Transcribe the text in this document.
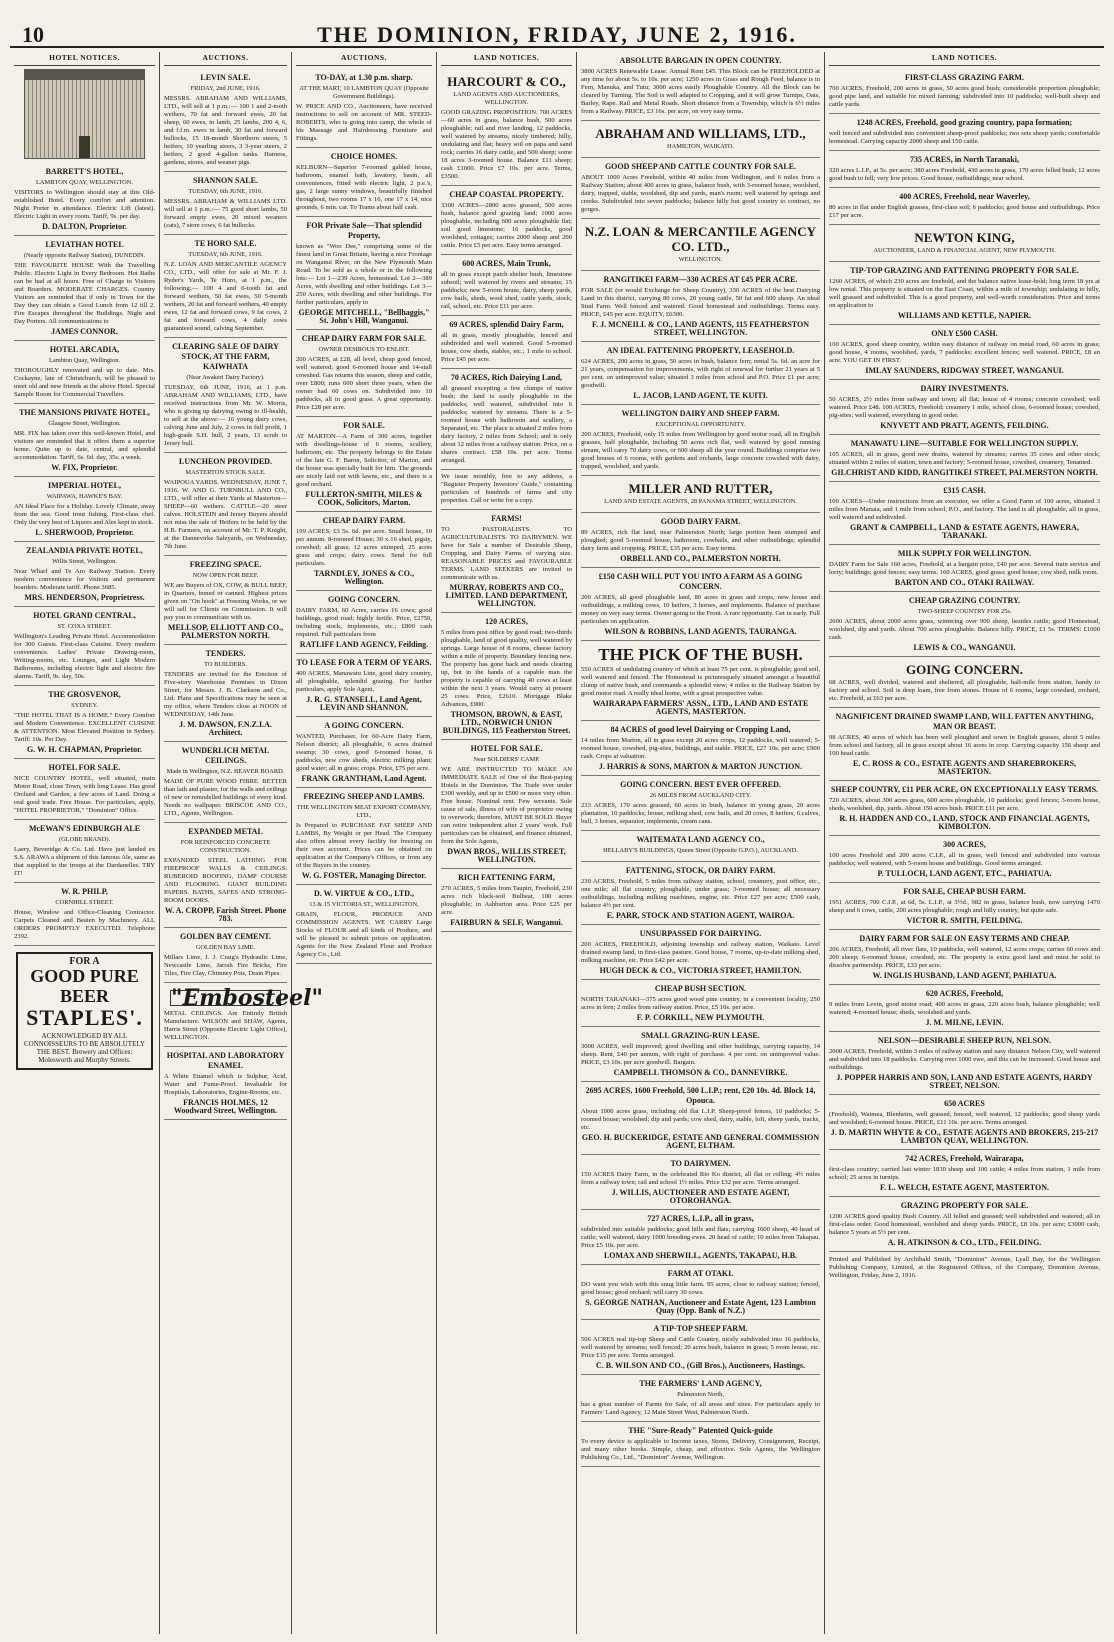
10	THE DOMINION, FRIDAY, JUNE 2, 1916.
HOTEL NOTICES.
BARRETT'S HOTEL,
LAMBTON QUAY, WELLINGTON.
VISITORS to Wellington should stay at this Old-established Hotel. Every comfort and attention. Night Porter in attendance. Electric Lift (latest). Electric Light in every room. Tariff, 9s. per day.
D. DALTON, Proprietor.
LEVIATHAN HOTEL
(Nearly opposite Railway Station), DUNEDIN.
THE FAVOURITE HOUSE With the Travelling Public. Electric Light in Every Bedroom. Hot Baths can be had at all hours. Free of Charge to Visitors and Boarders. MODERATE CHARGES. Country Visitors are reminded that if only in Town for the Day they can obtain a Good Lunch from 12 till 2. Fire Escapes throughout the Buildings. Night and Day Porters. All communications to
JAMES CONNOR.
HOTEL ARCADIA,
Lambton Quay, Wellington.
THOROUGHLY renovated and up to date. Mrs. Cockayne, late of Christchurch, will be pleased to meet old and new friends at the above Hotel. Special Sample Room for Commercial Travellers.
THE MANSIONS PRIVATE HOTEL,
Glasgow Street, Wellington.
MR. FIX has taken over this well-known Hotel, and visitors are reminded that it offers them a superior home. Quite up to date, central, and splendid accommodation. Tariff, 6s. 6d. day, 35s. a week.
W. FIX, Proprietor.
IMPERIAL HOTEL,
WAIPAWA, HAWKE'S BAY.
AN Ideal Place for a Holiday. Lovely Climate, away from the sea. Good trout fishing. First-class chef. Only the very best of Liquors and Ales kept in stock.
L. SHERWOOD, Proprietor.
ZEALANDIA PRIVATE HOTEL,
Willis Street, Wellington.
Near Wharf and Te Aro Railway Station. Every modern convenience for visitors and permanent boarders. Moderate tariff. Phone 3685.
MRS. HENDERSON, Proprietress.
HOTEL GRAND CENTRAL,
ST. COXA STREET.
Wellington's Leading Private Hotel. Accommodation for 300 Guests. First-class Cuisine. Every modern convenience. Ladies' Private Drawing-room, Writing-rooms, etc. Lounges, and Light Modern Bathrooms, including electric light and electric fire alarms. Tariff, 9s. day, 50s.
THE GROSVENOR,
SYDNEY.
"THE HOTEL THAT IS A HOME." Every Comfort and Modern Convenience. EXCELLENT CUISINE & ATTENTION. Most Elevated Position in Sydney. Tariff: 10s. Per Day.
G. W. H. CHAPMAN, Proprietor.
HOTEL FOR SALE.
NICE COUNTRY HOTEL, well situated, main Motor Road, close Town, with long Lease. Has good Orchard and Garden, a few acres of Land. Doing a real good trade. Free House. For particulars, apply, "HOTEL PROPRIETOR," "Dominion" Office.
McEWAN'S EDINBURGH ALE
(GLOBE BRAND).
Laery, Beveridge & Co. Ltd. Have just landed ex S.S. ARAWA a shipment of this famous Ale, same as that supplied to the troops at the Dardanelles. TRY IT!
W. R. PHILP,
CORNHILL STREET.
House, Window and Office-Cleaning Contractor. Carpets Cleaned and Beaten by Machinery. ALL ORDERS PROMPTLY EXECUTED. Telephone 2392.
FOR A
GOOD PURE BEER
STAPLES'.
ACKNOWLEDGED BY ALL CONNOISSEURS TO BE ABSOLUTELY THE BEST. Brewery and Offices: Molesworth and Murphy Streets.
AUCTIONS.
LEVIN SALE.
FRIDAY, 2nd JUNE, 1916.
MESSRS. ABRAHAM AND WILLIAMS, LTD., will sell at 1 p.m.:— 100 1 and 2-tooth wethers, 70 fat and forward ewes, 20 fat sheep, 60 ewes, in lamb, 25 lambs, 200 4, 6, and f.f.m. ewes in lamb, 30 fat and forward bullocks, 15 18-month Shorthorn steers, 5 heifers, 10 yearling steers, 3 3-year steers, 2 heifers, 2 good 4-gallon tanks. Harness, gardens, stores, and weaner pigs.
SHANNON SALE.
TUESDAY, 6th JUNE, 1916.
MESSRS. ABRAHAM & WILLIAMS LTD. will sell at 1 p.m.:— 75 good short lambs, 50 forward empty ewes, 20 mixed weaners (cats), 7 store cows, 6 fat bullocks.
TE HORO SALE.
TUESDAY, 6th JUNE, 1916.
N.Z. LOAN AND MERCANTILE AGENCY CO., LTD., will offer for sale at Mr. F. J. Ryder's Yards, Te Horo, at 1 p.m., the following:— 100 4 and 6-tooth fat and forward wethers, 50 fat ewes, 50 5-month wethers, 20 fat and forward wethers, 40 empty ewes, 12 fat and forward cows, 9 fat cows, 2 fat and forward cows, 4 daily cows guaranteed sound, calving September.
CLEARING SALE OF DAIRY STOCK, AT THE FARM, KAIWHATA
(Near Awakeri Dairy Factory).
TUESDAY, 6th JUNE, 1916, at 1 p.m. ABRAHAM AND WILLIAMS, LTD., have received instructions from Mr. W. Morris, who is giving up dairying owing to ill-health, to sell at the above:— 16 young dairy cows, calving June and July, 2 cows in full profit, 1 high-grade S.H. bull, 2 years, 13 scrub to Jersey bull.
LUNCHEON PROVIDED.
MASTERTON STOCK SALE.
WAIPOUA YARDS. WEDNESDAY, JUNE 7, 1916. W. AND G. TURNBULL AND CO., LTD., will offer at their Yards at Masterton—SHEEP—60 wethers. CATTLE—20 steer calves. HOLSTEIN and Jersey Buyers should not miss the sale of Heifers to be held by the H.B. Farmers, on account of Mr. T. P. Knight, at the Dannevirke Saleyards, on Wednesday, 7th June.
FREEZING SPACE.
NOW OPEN FOR BEEF.
WE are Buyers of OX, COW, & BULL BEEF, in Quarters, boned or canned. Highest prices given on "On hook" at Freezing Works, or we will sell for Clients on Commission. It will pay you to communicate with us.
MELLSOP, ELLIOTT AND CO., PALMERSTON NORTH.
TENDERS.
TO BUILDERS.
TENDERS are invited for the Erection of Five-story Warehouse Premises in Dixon Street, for Messrs. J. B. Clarkson and Co., Ltd. Plans and Specifications may be seen at my office, where Tenders close at NOON of WEDNESDAY, 14th June.
J. M. DAWSON, F.N.Z.I.A. Architect.
WUNDERLICH METAL CEILINGS.
Made in Wellington, N.Z. BEAVER BOARD.
MADE OF PURE WOOD FIBRE. BETTER than lath and plaster, for the walls and ceilings of new or remodelled buildings of every kind. Needs no wallpaper. BRISCOE AND CO., LTD., Agents, Wellington.
EXPANDED METAL
FOR REINFORCED CONCRETE CONSTRUCTION.
EXPANDED STEEL LATHING FOR FIREPROOF WALLS & CEILINGS. RUBEROID ROOFING, DAMP COURSE AND FLOORING. GIANT BUILDING PAPERS. BATHS, SAFES AND STRONG-ROOM DOORS.
W. A. CROPP, Farish Street. Phone 783.
GOLDEN BAY CEMENT.
GOLDEN BAY LIME.
Millars Lime, J. J. Craig's Hydraulic Lime, Newcastle Lime, Jarrah Fire Bricks, Fire Tiles, Fire Clay, Chimney Pots, Drain Pipes.
"Embosteel"
METAL CEILINGS. Are Entirely British Manufacture. WILSON and SHAW, Agents, Harris Street (Opposite Electric Light Office), WELLINGTON.
HOSPITAL AND LABORATORY ENAMEL
A White Enamel which is Sulphur, Acid, Water and Fume-Proof. Invaluable for Hospitals, Laboratories, Engine-Rooms, etc.
FRANCIS HOLMES, 12 Woodward Street, Wellington.
AUCTIONS.
TO-DAY, at 1.30 p.m. sharp.
AT THE MART, 10 LAMBTON QUAY (Opposite Government Buildings).
W. PRICE AND CO., Auctioneers, have received instructions to sell on account of MR. STEED-ROBERTS, who is going into camp, the whole of his Massage and Hairdressing Furniture and Fittings.
CHOICE HOMES.
KELBURN—Superior 7-roomed gabled house, bathroom, enamel bath, lavatory, basin, all conveniences, fitted with electric light, 2 p.e.'s, gas, 2 large sunny windows, beautifully finished throughout, two rooms 17 x 16, one 17 x 14, nice grounds, 6 min. car. To Trams about half cash.
FOR Private Sale—That splendid Property,
known as "Woo Dee," comprising some of the finest land in Great Britain, having a nice Frontage on Wanganui River, on the New Plymouth Main Road. To be sold as a whole or in the following lots:— Lot 1—239 Acres, homestead. Lot 2—389 Acres, with dwelling and other buildings. Lot 3—250 Acres, with dwelling and other buildings. For further particulars, apply to
GEORGE MITCHELL, "Bellhaggis," St. John's Hill, Wanganui.
CHEAP DAIRY FARM FOR SALE.
OWNER DESIROUS TO ENLIST.
200 ACRES, at £28, all level, cheap good fenced, well watered; good 6-roomed house and 14-stall cowshed. Gas returns this season, sheep and cattle, over £800; runs 600 short three years, when the owner had 60 cows on. Subdivided into 10 paddocks, all in good grass. A great opportunity. Price £28 per acre.
FOR SALE.
AT MARTON—A Farm of 300 acres, together with dwellings-house of 6 rooms, scullery, bathroom, etc. The property belongs to the Estate of the late G. F. Baron, Solicitor, of Marton, and the house was specially built for him. The grounds are nicely laid out with lawns, etc., and there is a good orchard.
FULLERTON-SMITH, MILES & COOK, Solicitors, Marton.
CHEAP DAIRY FARM.
199 ACRES, £3 5s. 6d. per acre. Small house, 10 per annum. 8-roomed House; 30 x 16 shed, pigsty, cowshed; all grass; 12 acres stumped, 25 acres grass and crops; dairy cows. Send for full particulars.
TARNDLEY, JONES & CO., Wellington.
GOING CONCERN.
DAIRY FARM, 60 Acres, carries 16 cows; good buildings, good road; highly fertile. Price, £2750, including stock, implements, etc.; £800 cash required. Full particulars from
RATLIFF LAND AGENCY, Feilding.
TO LEASE FOR A TERM OF YEARS.
400 ACRES, Manawatu Line, good dairy country, all ploughable, splendid grazing. For further particulars, apply Sole Agent,
J. R. G. STANSELL, Land Agent, LEVIN AND SHANNON.
A GOING CONCERN.
WANTED, Purchaser, for 60-Acre Dairy Farm, Nelson district; all ploughable, 6 acres drained swamp; 30 cows, good 6-roomed house, 6 paddocks, new cow sheds, electric milking plant; good water; all in grass; crops. Price, £75 per acre.
FRANK GRANTHAM, Land Agent.
FREEZING SHEEP AND LAMBS.
THE WELLINGTON MEAT EXPORT COMPANY, LTD.,
Is Prepared to PURCHASE FAT SHEEP AND LAMBS, By Weight or per Head. The Company also offers almost every facility for freezing on their own account. Prices can be obtained on application at the Company's Offices, or from any of the Buyers in the country.
W. G. FOSTER, Managing Director.
D. W. VIRTUE & CO., LTD.,
13 & 15 VICTORIA ST., WELLINGTON,
GRAIN, FLOUR, PRODUCE AND COMMISSION AGENTS. WE CARRY Large Stocks of FLOUR and all kinds of Produce, and will be pleased to submit prices on application. Agents for the New Zealand Flour and Produce Agency Co., Ltd.
LAND NOTICES.
HARCOURT & CO.,
LAND AGENTS AND AUCTIONEERS, WELLINGTON.
GOOD GRAZING PROPOSITION. 700 ACRES—60 acres in grass, balance bush, 500 acres ploughable; rail and river landing, 12 paddocks, well watered by streams, nicely timbered; hilly, undulating and flat; heavy soil on papa and sand rock; carries 16 dairy cattle, and 500 sheep; some 18 acres 3-roomed house. Balance £11 sheep; cash £1000. Price £7 10s. per acre. Terms, £3500.
CHEAP COASTAL PROPERTY.
3300 ACRES—2800 acres grassed, 500 acres bush, balance good grazing land; 1000 acres ploughable, including 600 acres ploughable flat; soil good limestone; 16 paddocks, good woolshed, cottages; carries 2000 sheep and 200 cattle. Price £5 per acre. Easy terms arranged.
600 ACRES, Main Trunk,
all in grass except patch shelter bush, limestone subsoil; well watered by rivers and streams; 15 paddocks; new 5-room house, dairy, sheep yards, cow bails, sheds, wool shed, cattle yards, stock; rail, school, etc. Price £11 per acre.
69 ACRES, splendid Dairy Farm,
all in grass, mostly ploughable, fenced and subdivided and well watered. Good 5-roomed house, cow sheds, stables, etc.; 1 mile to school. Price £45 per acre.
70 ACRES, Rich Dairying Land,
all grassed excepting a few clumps of native bush; the land is easily ploughable in the paddocks; well watered, subdivided into 6 paddocks; watered by streams. There is a 5-roomed house with bathroom and scullery, a Separated, etc. The place is situated 2 miles from dairy factory, 2 miles from School; and is only about 12 miles from a railway station. Price, on a shares contract. £58 10s. per acre. Terms arranged.
We issue monthly, free to any address, a "Register Property Investors' Guide," containing particulars of hundreds of farms and city properties. Call or write for a copy.
FARMS!
TO PASTORALISTS. TO AGRICULTURALISTS. TO DAIRYMEN. WE have for Sale a number of Desirable Sheep, Cropping, and Dairy Farms of varying size. REASONABLE PRICES and FAVOURABLE TERMS. LAND SEEKERS are invited to communicate with us.
MURRAY, ROBERTS AND CO., LIMITED. LAND DEPARTMENT, WELLINGTON.
120 ACRES,
5 miles from post office by good road; two-thirds ploughable, land of good quality, well watered by springs. Large house of 8 rooms, cheese factory within a mile of property. Boundary fencing new. The property has gone back and needs clearing up, but in the hands of a capable man the property is capable of carrying 40 cows at least within the next 3 years. Would carry at present 25 cows. Price, £2610. Mortgage Blake Advances, £900.
THOMSON, BROWN, & EAST, LTD., NORWICH UNION BUILDINGS, 115 Featherston Street.
HOTEL FOR SALE.
Near SOLDIERS' CAMP.
WE ARE INSTRUCTED TO MAKE AN IMMEDIATE SALE of One of the Best-paying Hotels in the Dominion. The Trade over under £300 weekly, and up to £500 or more very often. Free house. Nominal rent. Few servants. Sole cause of sale, illness of wife of proprietor owing to overwork; therefore, MUST BE SOLD. Buyer can retire independent after 2 years' work. Full particulars can be obtained, and finance obtained, from the Sole Agents,
DWAN BROS., WILLIS STREET, WELLINGTON.
RICH FATTENING FARM,
270 ACRES, 5 miles from Taupiri, Freehold, 230 acres rich black-soil Bulbeat, 100 acres ploughable; in Ashburton area. Price £25 per acre.
FAIRBURN & SELF, Wanganui.
ABSOLUTE BARGAIN IN OPEN COUNTRY.
3800 ACRES Renewable Lease. Annual Rent £45. This Block can be FREEHOLDED at any time for about 5s. to 10s. per acre; 1250 acres in Grass and Rough Feed, balance is in Fern, Manuka, and Tutu; 3000 acres easily Ploughable Country. All the Block can be cleared by Turning. The Soil is well adapted to Cropping, and it will grow Turnips, Oats, Barley, Rape. Rail and Metal Roads. Short distance from a Township, which is 6½ miles from a Railway. PRICE, £3 16s. per acre, on very easy terms.
ABRAHAM AND WILLIAMS, LTD.,
HAMILTON, WAIKATO.
GOOD SHEEP AND CATTLE COUNTRY FOR SALE.
ABOUT 1000 Acres Freehold, within 40 miles from Wellington, and 6 miles from a Railway Station; about 400 acres in grass, balance bush, with 3-roomed house, woolshed, dairy, trapped, stable, woolshed, dip and yards, man's room; well watered by springs and creeks. Subdivided into seven paddocks; balance hilly but good country to contract, no gorges.
N.Z. LOAN & MERCANTILE AGENCY CO. LTD.,
WELLINGTON.
RANGITIKEI FARM—330 ACRES AT £45 PER ACRE.
FOR SALE (or would Exchange for Sheep Country), 330 ACRES of the best Dairying Land in this district, carrying 80 cows, 20 young cattle, 50 fat and 600 sheep. An ideal Stud Farm. Well fenced and watered. Good homestead and outbuildings. Terms easy. PRICE, £45 per acre. EQUITY, £6300.
F. J. MCNEILL & CO., LAND AGENTS, 115 FEATHERSTON STREET, WELLINGTON.
AN IDEAL FATTENING PROPERTY, LEASEHOLD.
624 ACRES, 200 acres in grass, 50 acres in bush, balance fern; rental 5s. 6d. an acre for 21 years, compensation for improvements, with right of renewal for further 21 years at 5 per cent. on unimproved value; situated 3 miles from school and P.O. Price £1 per acre; goodwill.
L. JACOB, LAND AGENT, TE KUITI.
WELLINGTON DAIRY AND SHEEP FARM.
EXCEPTIONAL OPPORTUNITY.
200 ACRES, Freehold, only 15 miles from Wellington by good motor road, all in English grasses, half ploughable, including 50 acres rich flat, well watered by good running stream, will carry 70 dairy cows, or 600 sheep all the year round. Buildings comprise two good houses of 6 rooms, with gardens and orchards, large concrete cowshed with dairy, trapped, woolshed, and yards.
MILLER AND RUTTER,
LAND AND ESTATE AGENTS, 28 PANAMA STREET, WELLINGTON.
GOOD DAIRY FARM.
89 ACRES, rich flat land, near Palmerston North; large portion been stumped and ploughed; good 5-roomed house, bathroom, cowbails, and other outbuildings; splendid dairy farm and cropping. PRICE, £35 per acre. Easy terms.
ORBELL AND CO., PALMERSTON NORTH.
£150 CASH WILL PUT YOU INTO A FARM AS A GOING CONCERN.
200 ACRES, all good ploughable land, 80 acres in grass and crops, new house and outbuildings, a milking cows, 10 heifers, 3 horses, and implements. Balance of purchase money on very easy terms. Owner going to the Front. A rare opportunity. Get in early. Full particulars on application.
WILSON & ROBBINS, LAND AGENTS, TAURANGA.
THE PICK OF THE BUSH.
550 ACRES of undulating country of which at least 75 per cent. is ploughable; good soil, well watered and fenced. The Homestead is picturesquely situated amongst a beautiful clump of native bush, and commands a splendid view; 4 miles to the Railway Station by good motor road. A really ideal home, with a great prospective value.
WAIRARAPA FARMERS' ASSN., LTD., LAND AND ESTATE AGENTS, MASTERTON.
84 ACRES of good level Dairying or Cropping Land,
14 miles from Marton, all in grass except 20 acres crops, 12 paddocks, well watered; 5-roomed house, cowshed, pig-sties, buildings, and stable. PRICE, £27 10s. per acre; £900 cash. Crops at valuation.
J. HARRIS & SONS, MARTON & MARTON JUNCTION.
GOING CONCERN. BEST EVER OFFERED.
26 MILES FROM AUCKLAND CITY.
233 ACRES, 170 acres grassed, 60 acres in bush, balance in young grass, 20 acres plantation, 10 paddocks; house, milking shed, cow bails, and 20 cows, 8 heifers, 6 calves, bull, 3 horses, separator, implements, cream cans.
WAITEMATA LAND AGENCY CO.,
HELLABY'S BUILDINGS, Queen Street (Opposite G.P.O.), AUCKLAND.
FATTENING, STOCK, OR DAIRY FARM.
230 ACRES, Freehold, 5 miles from railway station, school, creamery, post office, etc., one mile; all flat country, ploughable, under grass; 3-roomed house; all necessary outbuildings, including milking machines, engine, etc. Price £27 per acre; £500 cash, balance 4½ per cent.
E. PARR, STOCK AND STATION AGENT, WAIROA.
UNSURPASSED FOR DAIRYING.
200 ACRES, FREEHOLD, adjoining township and railway station, Waikato. Level drained swamp land, in first-class pasture. Good house, 7 rooms, up-to-date milking shed, milking machine, etc. Price £42 per acre.
HUGH DECK & CO., VICTORIA STREET, HAMILTON.
CHEAP BUSH SECTION.
NORTH TARANAKI—375 acres good wood pine country, in a convenient locality, 250 acres in fern; 2 miles from railway station. Price, £5 10s. per acre.
F. P. CORKILL, NEW PLYMOUTH.
SMALL GRAZING-RUN LEASE.
3000 ACRES, well improved; good dwelling and other buildings, carrying capacity, 14 sheep. Rent, £40 per annum, with right of purchase. 4 per cent. on unimproved value. PRICE, £3 10s. per acre goodwill. Bargain.
CAMPBELL THOMSON & CO., DANNEVIRKE.
2695 ACRES, 1600 Freehold, 500 L.I.P.; rent, £20 10s. 4d. Block 14, Opouca.
About 1000 acres grass, including old flat L.I.P. Sheep-proof fences, 10 paddocks; 5-roomed house; woolshed; dip and yards; cow shed, dairy, stable, loft, sheep yards, tracks, etc.
GEO. H. BUCKERIDGE, ESTATE AND GENERAL COMMISSION AGENT, ELTHAM.
TO DAIRYMEN.
150 ACRES Dairy Farm, in the celebrated Rio Ko district, all flat or rolling; 4½ miles from a railway town; rail and school 1½ miles. Price £32 per acre. Terms arranged.
J. WILLIS, AUCTIONEER AND ESTATE AGENT, OTOROHANGA.
727 ACRES, L.I.P., all in grass,
subdivided into suitable paddocks; good hills and flats; carrying 1600 sheep, 40 head of cattle; well watered, dairy 1000 breeding ewes. 20 head of cattle; 10 miles from Takapau. Price £5 10s. per acre.
LOMAX AND SHERWILL, AGENTS, TAKAPAU, H.B.
FARM AT OTAKI.
DO want you wish with this snug little farm. 95 acres, close to railway station; fenced, good house; good orchard; will carry 30 cows.
S. GEORGE NATHAN, Auctioneer and Estate Agent, 123 Lambton Quay (Opp. Bank of N.Z.)
A TIP-TOP SHEEP FARM.
506 ACRES real tip-top Sheep and Cattle Country, nicely subdivided into 16 paddocks, well watered by streams; well fenced; 20 acres bush, balance in grass; 5 room house, etc. Price £15 per acre. Terms arranged.
C. B. WILSON AND CO., (Gill Bros.), Auctioneers, Hastings.
THE FARMERS' LAND AGENCY,
Palmerston North,
has a great number of Farms for Sale, of all areas and sizes. For particulars apply to Farmers' Land Agency, 12 Main Street West, Palmerston North.
THE "Sure-Ready" Patented Quick-guide
To every device is applicable to Income taxes, Stores, Delivery, Consignment, Receipt, and many other books. Simple, cheap, and effective. Sole Agents, the Wellington Publishing Co., Ltd., "Dominion" Avenue, Wellington.
LAND NOTICES.
FIRST-CLASS GRAZING FARM.
700 ACRES, Freehold, 200 acres in grass, 50 acres good bush; considerable proportion ploughable; good pipe land, and suitable for mixed farming; subdivided into 10 paddocks; well-built sheep and cattle yards.
1248 ACRES, Freehold, good grazing country, papa formation;
well fenced and subdivided into convenient sheep-proof paddocks; two sets sheep yards; comfortable homestead. Carrying capacity 2000 sheep and 150 cattle.
735 ACRES, in North Taranaki,
320 acres L.I.P., at 5s. per acre; 380 acres Freehold, 430 acres in grass, 170 acres felled bush, 12 acres good bush to fell; very low prices. Good house, outbuildings; near school.
400 ACRES, Freehold, near Waverley,
80 acres in flat under English grasses, first-class soil; 6 paddocks; good house and outbuildings. Price £17 per acre.
NEWTON KING,
AUCTIONEER, LAND & FINANCIAL AGENT, NEW PLYMOUTH.
TIP-TOP GRAZING AND FATTENING PROPERTY FOR SALE.
1260 ACRES, of which 230 acres are freehold, and the balance native lease-hold; long term 18 yrs at low rental. This property is situated on the East Coast, within a mile of township; undulating to hilly, well grassed and subdivided. This is a good property, and well-worth consideration. Price and terms on application to
WILLIAMS AND KETTLE, NAPIER.
ONLY £500 CASH.
100 ACRES, good sheep country, within easy distance of railway on metal road, 60 acres in grass; good house, 4 rooms, woolshed, yards, 7 paddocks; excellent fences; well watered. PRICE, £8 an acre. YOU GET IN FIRST.
IMLAY SAUNDERS, RIDGWAY STREET, WANGANUI.
DAIRY INVESTMENTS.
50 ACRES, 2½ miles from railway and town; all flat; house of 4 rooms; concrete cowshed; well watered. Price £48. 100 ACRES, Freehold; creamery 1 mile, school close, 6-roomed house; cowshed, pig-sties; well watered, everything in good order.
KNYVETT AND PRATT, AGENTS, FEILDING.
MANAWATU LINE—SUITABLE FOR WELLINGTON SUPPLY.
105 ACRES, all in grass, good new drains, watered by streams; carries 35 cows and other stock; situated within 2 miles of station, town and factory; 5-roomed house, cowshed, creamery, Tenanted.
GILCHRIST AND KIDD, RANGITIKEI STREET, PALMERSTON NORTH.
£315 CASH.
100 ACRES—Under instructions from an executor, we offer a Good Farm of 100 acres, situated 3 miles from Manaia, and 1 mile from school, P.O., and factory. The land is all ploughable, all in grass, well watered and subdivided.
GRANT & CAMPBELL, LAND & ESTATE AGENTS, HAWERA, TARANAKI.
MILK SUPPLY FOR WELLINGTON.
DAIRY Farm for Sale 160 acres, Freehold, at a bargain price, £40 per acre. Several train service and lorry; buildings; good fences; easy terms. 160 ACRES, good grass; good house, cow shed, milk room.
BARTON AND CO., OTAKI RAILWAY.
CHEAP GRAZING COUNTRY.
TWO-SHEEP COUNTRY FOR 25s.
2600 ACRES, about 2000 acres grass, wintering over 900 sheep, besides cattle; good Homestead, woolshed, dip and yards. About 700 acres ploughable. Balance hilly. PRICE, £1 5s. TERMS: £1000 cash.
LEWIS & CO., WANGANUI.
GOING CONCERN.
68 ACRES, well divided, watered and sheltered, all ploughable, half-mile from station, handy to factory and school. Soil is deep loam, free from stones. House of 6 rooms, large cowshed, orchard, etc. Freehold, at £63 per acre.
NAGNIFICENT DRAINED SWAMP LAND, WILL FATTEN ANYTHING, MAN OR BEAST.
98 ACRES, 40 acres of which has been well ploughed and sown in English grasses, about 5 miles from school and factory, all in grass except about 16 acres in crop. Carrying capacity 156 sheep and 100 head cattle.
E. C. ROSS & CO., ESTATE AGENTS AND SHAREBROKERS, MASTERTON.
SHEEP COUNTRY, £11 PER ACRE, ON EXCEPTIONALLY EASY TERMS.
720 ACRES, about 300 acres grass, 600 acres ploughable, 10 paddocks; good fences; 3-room house, sheds, woolshed, dip, yards. About 150 acres bush. PRICE £11 per acre.
R. H. HADDEN AND CO., LAND, STOCK AND FINANCIAL AGENTS, KIMBOLTON.
300 ACRES,
100 acres Freehold and 200 acres C.I.P., all in grass, well fenced and subdivided into various paddocks; well watered, with 5-room house and buildings. Good terms arranged.
P. TULLOCH, LAND AGENT, ETC., PAHIATUA.
FOR SALE, CHEAP BUSH FARM.
1951 ACRES, 700 C.I.P., at 6d, 5s. L.I.P., at 3½d., 982 in grass, balance bush, now carrying 1470 sheep and 6 cows, cattle, 200 acres ploughable; rough and hilly country, but quite safe.
VICTOR R. SMITH, FEILDING.
DAIRY FARM FOR SALE ON EASY TERMS AND CHEAP.
206 ACRES, Freehold, all river flats, 10 paddocks, well watered, 12 acres crops; carries 60 cows and 200 sheep; 6-roomed house, cowshed, etc. The property is extra good land and must be sold to dissolve partnership. PRICE, £33 per acre.
W. INGLIS HUSBAND, LAND AGENT, PAHIATUA.
620 ACRES, Freehold,
9 miles from Levin, good motor road; 400 acres in grass, 220 acres bush, balance ploughable; well watered; 4-roomed house; sheds, woolshed and yards.
J. M. MILNE, LEVIN.
NELSON—DESIRABLE SHEEP RUN, NELSON.
2000 ACRES, Freehold, within 3 miles of railway station and easy distance Nelson City, well watered and subdivided into 18 paddocks. Carrying over 1000 ewe, and this can be increased. Good house and outbuildings.
J. POPPER HARRIS AND SON, LAND AND ESTATE AGENTS, HARDY STREET, NELSON.
650 ACRES
(Freehold), Waimea, Blenheim, well grassed, fenced, well watered, 12 paddocks; good sheep yards and woolshed; 6-roomed house. PRICE, £11 10s. per acre. Terms arranged.
J. D. MARTIN WHYTE & CO., ESTATE AGENTS AND BROKERS, 215-217 LAMBTON QUAY, WELLINGTON.
742 ACRES, Freehold, Wairarapa,
first-class country; carried last winter 1830 sheep and 100 cattle; 4 miles from station, 1 mile from school; 25 acres in turnips.
F. L. WELCH, ESTATE AGENT, MASTERTON.
GRAZING PROPERTY FOR SALE.
1200 ACRES good quality Bush Country. All felled and grassed; well subdivided and watered; all in first-class order. Good homestead, woolshed and sheep yards. PRICE, £8 10s. per acre; £3000 cash, balance 5 years at 5½ per cent.
A. H. ATKINSON & CO., LTD., FEILDING.
Printed and Published by Archibald Smith, "Dominion" Avenue, Lyall Bay, for the Wellington Publishing Company, Limited, at the Registered Offices, of the Company, Dominion Avenue, Wellington, Friday, June 2, 1916.
